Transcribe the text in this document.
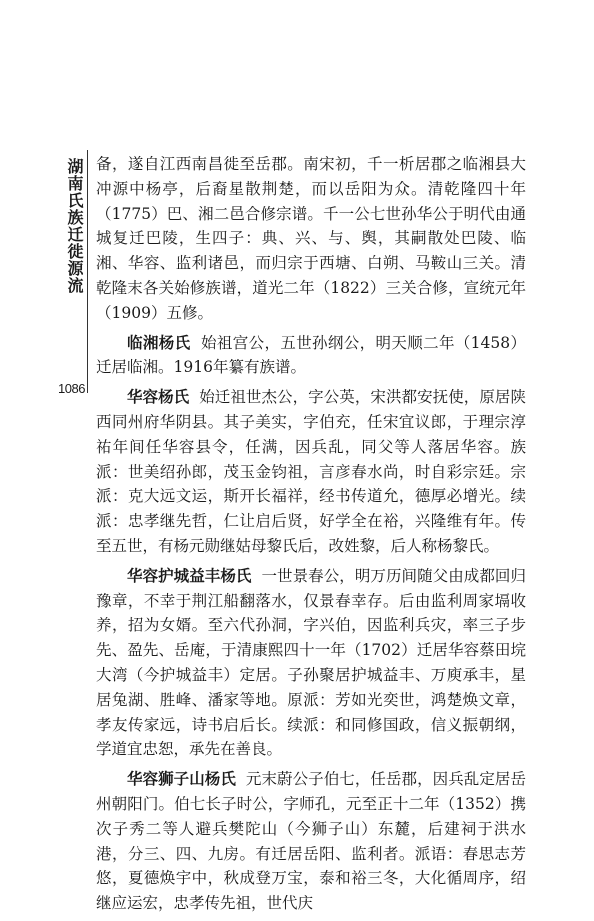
湖南氏族迁徙源流
1086

备，遂自江西南昌徙至岳郡。南宋初，千一析居郡之临湘县大冲源中杨亭，后裔星散荆楚，而以岳阳为众。清乾隆四十年（1775）巴、湘二邑合修宗谱。千一公七世孙华公于明代由通城复迁巴陵，生四子：典、兴、与、舆，其嗣散处巴陵、临湘、华容、监利诸邑，而归宗于西塘、白朔、马鞍山三关。清乾隆末各关始修族谱，道光二年（1822）三关合修，宣统元年（1909）五修。

临湘杨氏 始祖宫公，五世孙纲公，明天顺二年（1458）迁居临湘。1916年纂有族谱。

华容杨氏 始迁祖世杰公，字公英，宋洪都安抚使，原居陕西同州府华阴县。其子美实，字伯充，任宋宜议郎，于理宗淳祐年间任华容县令，任满，因兵乱，同父等人落居华容。族派：世美绍孙郎，茂玉金钧祖，言彦春水尚，时自彩宗廷。宗派：克大远文运，斯开长福祥，经书传道允，德厚必增光。续派：忠孝继先哲，仁让启后贤，好学全在裕，兴隆维有年。传至五世，有杨元勋继姑母黎氏后，改姓黎，后人称杨黎氏。

华容护城益丰杨氏 一世景春公，明万历间随父由成都回归豫章，不幸于荆江船翻落水，仅景春幸存。后由监利周家塥收养，招为女婿。至六代孙洞，字兴伯，因监利兵灾，率三子步先、盈先、岳庵，于清康熙四十一年（1702）迁居华容蔡田垸大湾（今护城益丰）定居。子孙聚居护城益丰、万庾承丰，星居兔湖、胜峰、潘家等地。原派：芳如光奕世，鸿楚焕文章，孝友传家远，诗书启后长。续派：和同修国政，信义振朝纲，学道宜忠恕，承先在善良。

华容狮子山杨氏 元末蔚公子伯七，任岳郡，因兵乱定居岳州朝阳门。伯七长子时公，字师孔，元至正十二年（1352）携次子秀二等人避兵樊陀山（今狮子山）东麓，后建祠于洪水港，分三、四、九房。有迁居岳阳、监利者。派语：春思志芳悠，夏德焕宇中，秋成登万宝，泰和裕三冬，大化循周序，绍继应运宏，忠孝传先祖，世代庆
